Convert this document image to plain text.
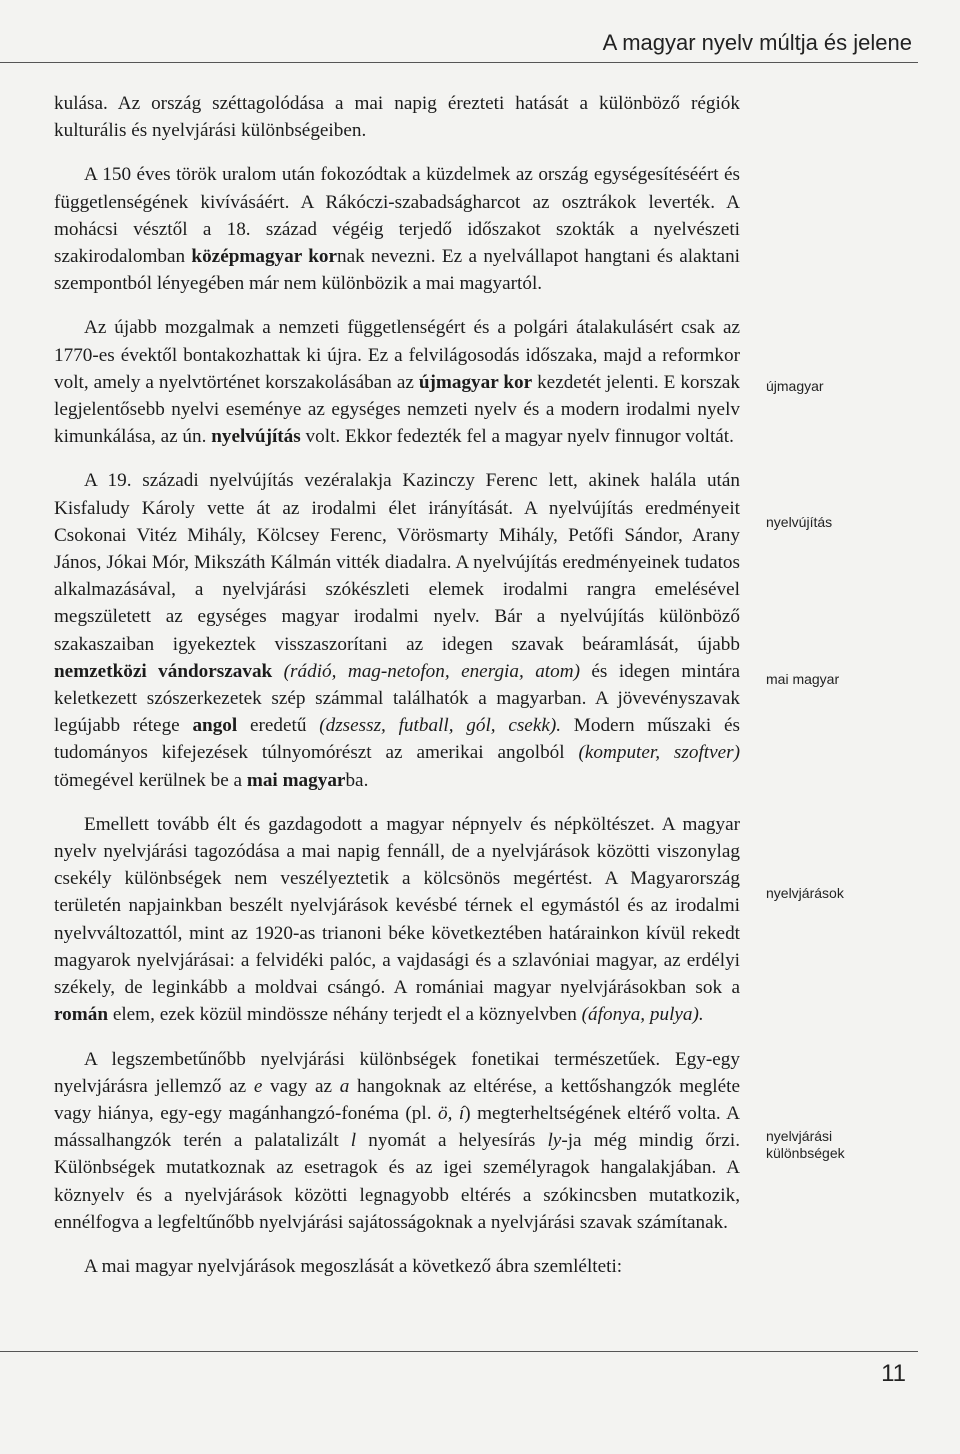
A magyar nyelv múltja és jelene

kulása. Az ország széttagolódása a mai napig érezteti hatását a különböző régiók kulturális és nyelvjárási különbségeiben.

A 150 éves török uralom után fokozódtak a küzdelmek az ország egységesítéséért és függetlenségének kivívásáért. A Rákóczi-szabadságharcot az osztrákok leverték. A mohácsi vésztől a 18. század végéig terjedő időszakot szokták a nyelvészeti szakirodalomban középmagyar kornak nevezni. Ez a nyelvállapot hangtani és alaktani szempontból lényegében már nem különbözik a mai magyartól.

Az újabb mozgalmak a nemzeti függetlenségért és a polgári átalakulásért csak az 1770-es évektől bontakozhattak ki újra. Ez a felvilágosodás időszaka, majd a reformkor volt, amely a nyelvtörténet korszakolásában az újmagyar kor kezdetét jelenti. E korszak legjelentősebb nyelvi eseménye az egységes nemzeti nyelv és a modern irodalmi nyelv kimunkálása, az ún. nyelvújítás volt. Ekkor fedezték fel a magyar nyelv finnugor voltát.

A 19. századi nyelvújítás vezéralakja Kazinczy Ferenc lett, akinek halála után Kisfaludy Károly vette át az irodalmi élet irányítását. A nyelvújítás eredményeit Csokonai Vitéz Mihály, Kölcsey Ferenc, Vörösmarty Mihály, Petőfi Sándor, Arany János, Jókai Mór, Mikszáth Kálmán vitték diadalra. A nyelvújítás eredményeinek tudatos alkalmazásával, a nyelvjárási szókészleti elemek irodalmi rangra emelésével megszületett az egységes magyar irodalmi nyelv. Bár a nyelvújítás különböző szakaszaiban igyekeztek visszaszorítani az idegen szavak beáramlását, újabb nemzetközi vándorszavak (rádió, mag-netofon, energia, atom) és idegen mintára keletkezett szószerkezetek szép számmal találhatók a magyarban. A jövevényszavak legújabb rétege angol eredetű (dzsessz, futball, gól, csekk). Modern műszaki és tudományos kifejezések túlnyomórészt az amerikai angolból (komputer, szoftver) tömegével kerülnek be a mai magyarba.

Emellett tovább élt és gazdagodott a magyar népnyelv és népköltészet. A magyar nyelv nyelvjárási tagozódása a mai napig fennáll, de a nyelvjárások közötti viszonylag csekély különbségek nem veszélyeztetik a kölcsönös megértést. A Magyarország területén napjainkban beszélt nyelvjárások kevésbé térnek el egymástól és az irodalmi nyelvváltozattól, mint az 1920-as trianoni béke következtében határainkon kívül rekedt magyarok nyelvjárásai: a felvidéki palóc, a vajdasági és a szlavóniai magyar, az erdélyi székely, de leginkább a moldvai csángó. A romániai magyar nyelvjárásokban sok a román elem, ezek közül mindössze néhány terjedt el a köznyelvben (áfonya, pulya).

A legszembetűnőbb nyelvjárási különbségek fonetikai természetűek. Egy-egy nyelvjárásra jellemző az e vagy az a hangoknak az eltérése, a kettőshangzók megléte vagy hiánya, egy-egy magánhangzó-fonéma (pl. ö, í) megterheltségének eltérő volta. A mássalhangzók terén a palatalizált l nyomát a helyesírás ly-ja még mindig őrzi. Különbségek mutatkoznak az esetragok és az igei személyragok hangalakjában. A köznyelv és a nyelvjárások közötti legnagyobb eltérés a szókincsben mutatkozik, ennélfogva a legfeltűnőbb nyelvjárási sajátosságoknak a nyelvjárási szavak számítanak.

A mai magyar nyelvjárások megoszlását a következő ábra szemlélteti:

újmagyar
nyelvújítás
mai magyar
nyelvjárások
nyelvjárási különbségek
11
